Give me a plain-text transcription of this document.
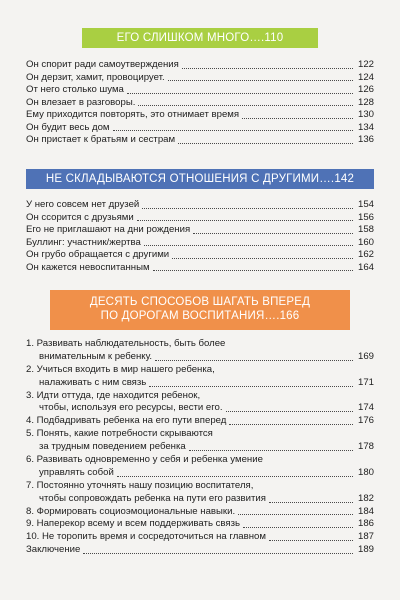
ЕГО СЛИШКОМ МНОГО….110
Он спорит ради самоутверждения	122
Он дерзит, хамит, провоцирует.	124
От него столько шума	126
Он влезает в разговоры.	128
Ему приходится повторять, это отнимает время	130
Он будит весь дом	134
Он пристает к братьям и сестрам	136
НЕ СКЛАДЫВАЮТСЯ ОТНОШЕНИЯ С ДРУГИМИ….142
У него совсем нет друзей	154
Он ссорится с друзьями	156
Его не приглашают на дни рождения	158
Буллинг: участник/жертва	160
Он грубо обращается с другими	162
Он кажется невоспитанным	164
ДЕСЯТЬ СПОСОБОВ ШАГАТЬ ВПЕРЕД
ПО ДОРОГАМ ВОСПИТАНИЯ….166
1. Развивать наблюдательность, быть более
внимательным к ребенку.	169
2. Учиться входить в мир нашего ребенка,
налаживать с ним связь	171
3. Идти оттуда, где находится ребенок,
чтобы, используя его ресурсы, вести его.	174
4. Подбадривать ребенка на его пути вперед	176
5. Понять, какие потребности скрываются
за трудным поведением ребенка	178
6. Развивать одновременно у себя и ребенка умение
управлять собой	180
7. Постоянно уточнять нашу позицию воспитателя,
чтобы сопровождать ребенка на пути его развития	182
8. Формировать социоэмоциональные навыки.	184
9. Наперекор всему и всем поддерживать связь	186
10. Не торопить время и сосредоточиться на главном	187
Заключение	189
